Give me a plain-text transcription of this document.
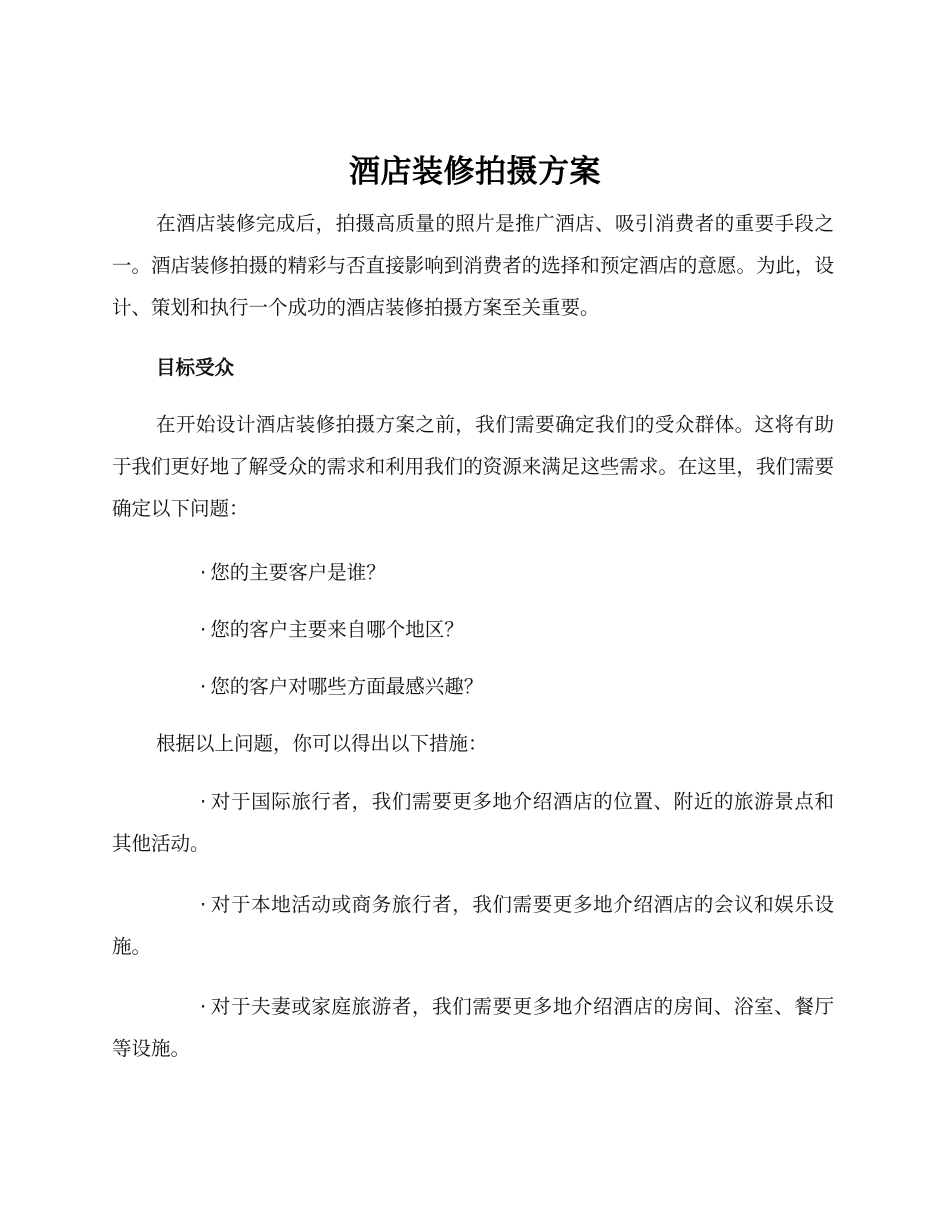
酒店装修拍摄方案

在酒店装修完成后，拍摄高质量的照片是推广酒店、吸引消费者的重要手段之一。酒店装修拍摄的精彩与否直接影响到消费者的选择和预定酒店的意愿。为此，设计、策划和执行一个成功的酒店装修拍摄方案至关重要。

目标受众

在开始设计酒店装修拍摄方案之前，我们需要确定我们的受众群体。这将有助于我们更好地了解受众的需求和利用我们的资源来满足这些需求。在这里，我们需要确定以下问题：

· 您的主要客户是谁？

· 您的客户主要来自哪个地区？

· 您的客户对哪些方面最感兴趣？

根据以上问题，你可以得出以下措施：

· 对于国际旅行者，我们需要更多地介绍酒店的位置、附近的旅游景点和其他活动。

· 对于本地活动或商务旅行者，我们需要更多地介绍酒店的会议和娱乐设施。

· 对于夫妻或家庭旅游者，我们需要更多地介绍酒店的房间、浴室、餐厅等设施。
